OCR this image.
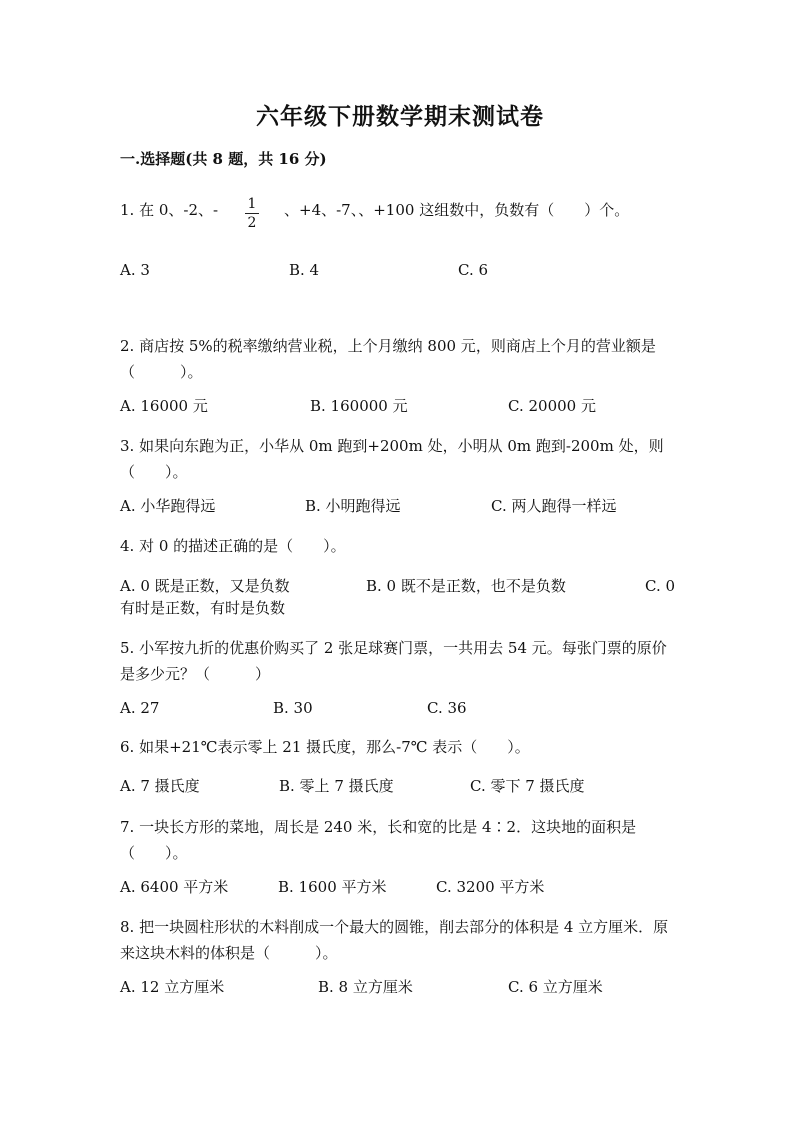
六年级下册数学期末测试卷
一.选择题(共 8 题，共 16 分)
1. 在 0、-2、- 1
2
、+4、-7、、+100 这组数中，负数有（　　）个。
A. 3	B. 4	C. 6
2. 商店按 5%的税率缴纳营业税，上个月缴纳 800 元，则商店上个月的营业额是（　　　）。
A. 16000 元	B. 160000 元	C. 20000 元
3. 如果向东跑为正，小华从 0m 跑到+200m 处，小明从 0m 跑到-200m 处，则（　　）。
A. 小华跑得远	B. 小明跑得远	C. 两人跑得一样远
4. 对 0 的描述正确的是（　　）。
A. 0 既是正数，又是负数	B. 0 既不是正数，也不是负数	C. 0
有时是正数，有时是负数
5. 小军按九折的优惠价购买了 2 张足球赛门票，一共用去 54 元。每张门票的原价是多少元？（　　　）
A. 27	B. 30	C. 36
6. 如果+21℃表示零上 21 摄氏度，那么-7℃ 表示（　　）。
A. 7 摄氏度	B. 零上 7 摄氏度	C. 零下 7 摄氏度
7. 一块长方形的菜地，周长是 240 米，长和宽的比是 4∶2．这块地的面积是（　　）。
A. 6400 平方米	B. 1600 平方米	C. 3200 平方米
8. 把一块圆柱形状的木料削成一个最大的圆锥，削去部分的体积是 4 立方厘米．原来这块木料的体积是（　　　）。
A. 12 立方厘米	B. 8 立方厘米	C. 6 立方厘米
